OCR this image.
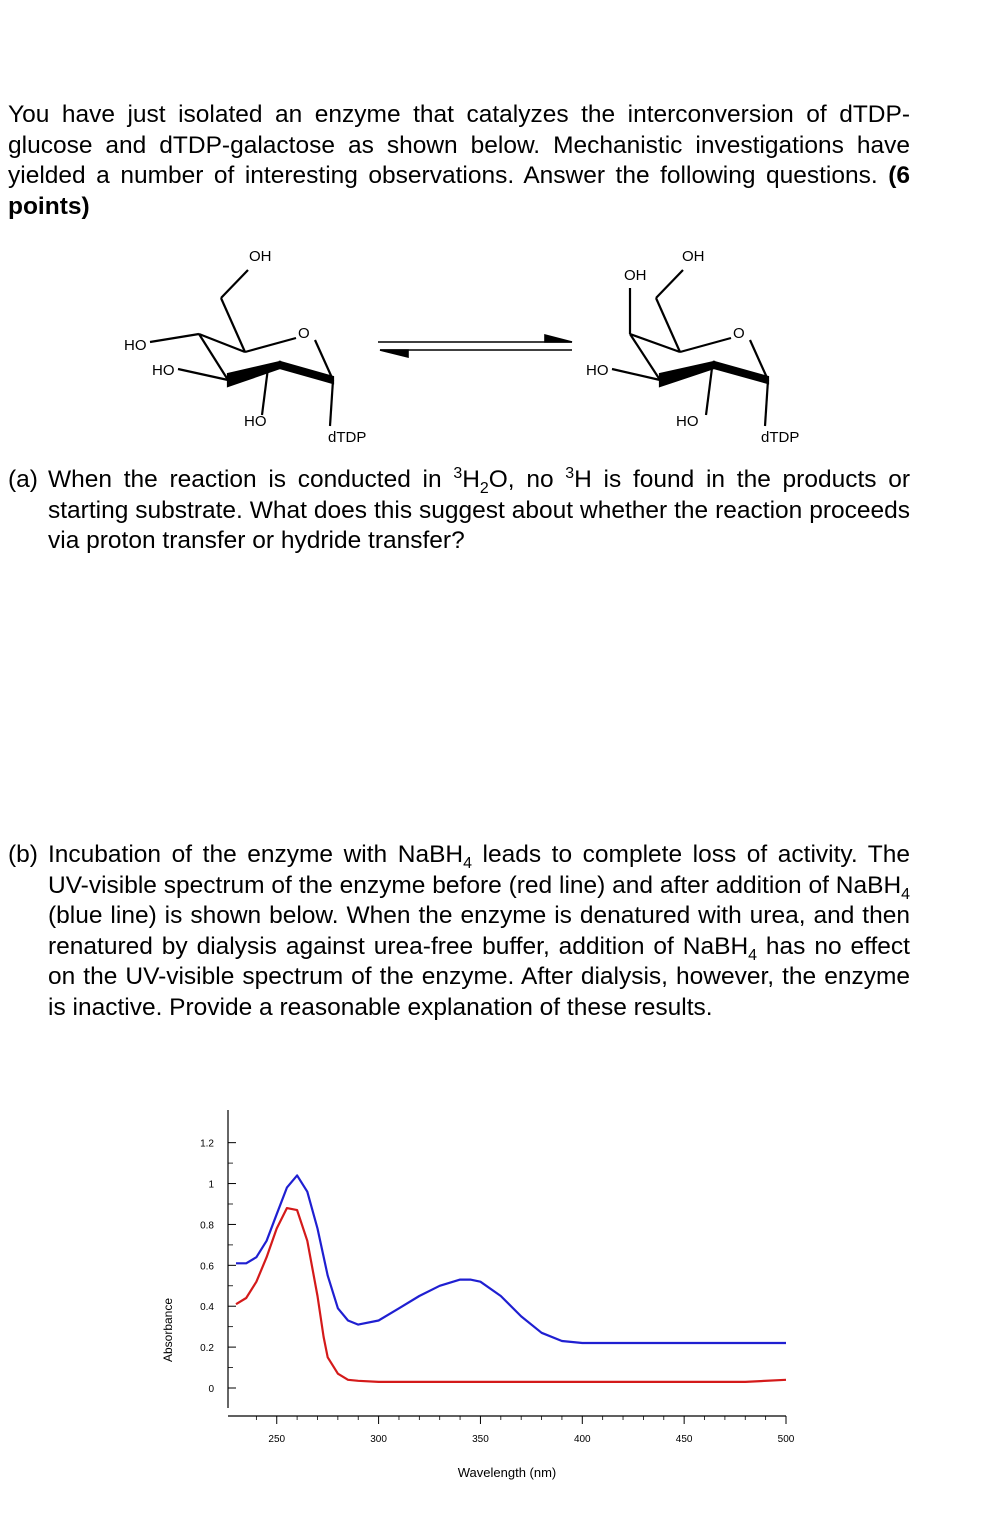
You have just isolated an enzyme that catalyzes the interconversion of dTDP-glucose and dTDP-galactose as shown below. Mechanistic investigations have yielded a number of interesting observations. Answer the following questions. (6 points)
OH
O
HO
HO
HO
dTDP
OH
OH
O
HO
HO
dTDP
(a) When the reaction is conducted in $^3H_2O$, no $^3$H is found in the products or starting substrate. What does this suggest about whether the reaction proceeds via proton transfer or hydride transfer?
(b) Incubation of the enzyme with NaBH$_4$ leads to complete loss of activity. The UV-visible spectrum of the enzyme before (red line) and after addition of NaBH$_4$ (blue line) is shown below. When the enzyme is denatured with urea, and then renatured by dialysis against urea-free buffer, addition of NaBH$_4$ has no effect on the UV-visible spectrum of the enzyme. After dialysis, however, the enzyme is inactive. Provide a reasonable explanation of these results.
0
0.2
0.4
0.6
0.8
1
1.2
250	300	350	400	450	500
Wavelength (nm)
Absorbance
